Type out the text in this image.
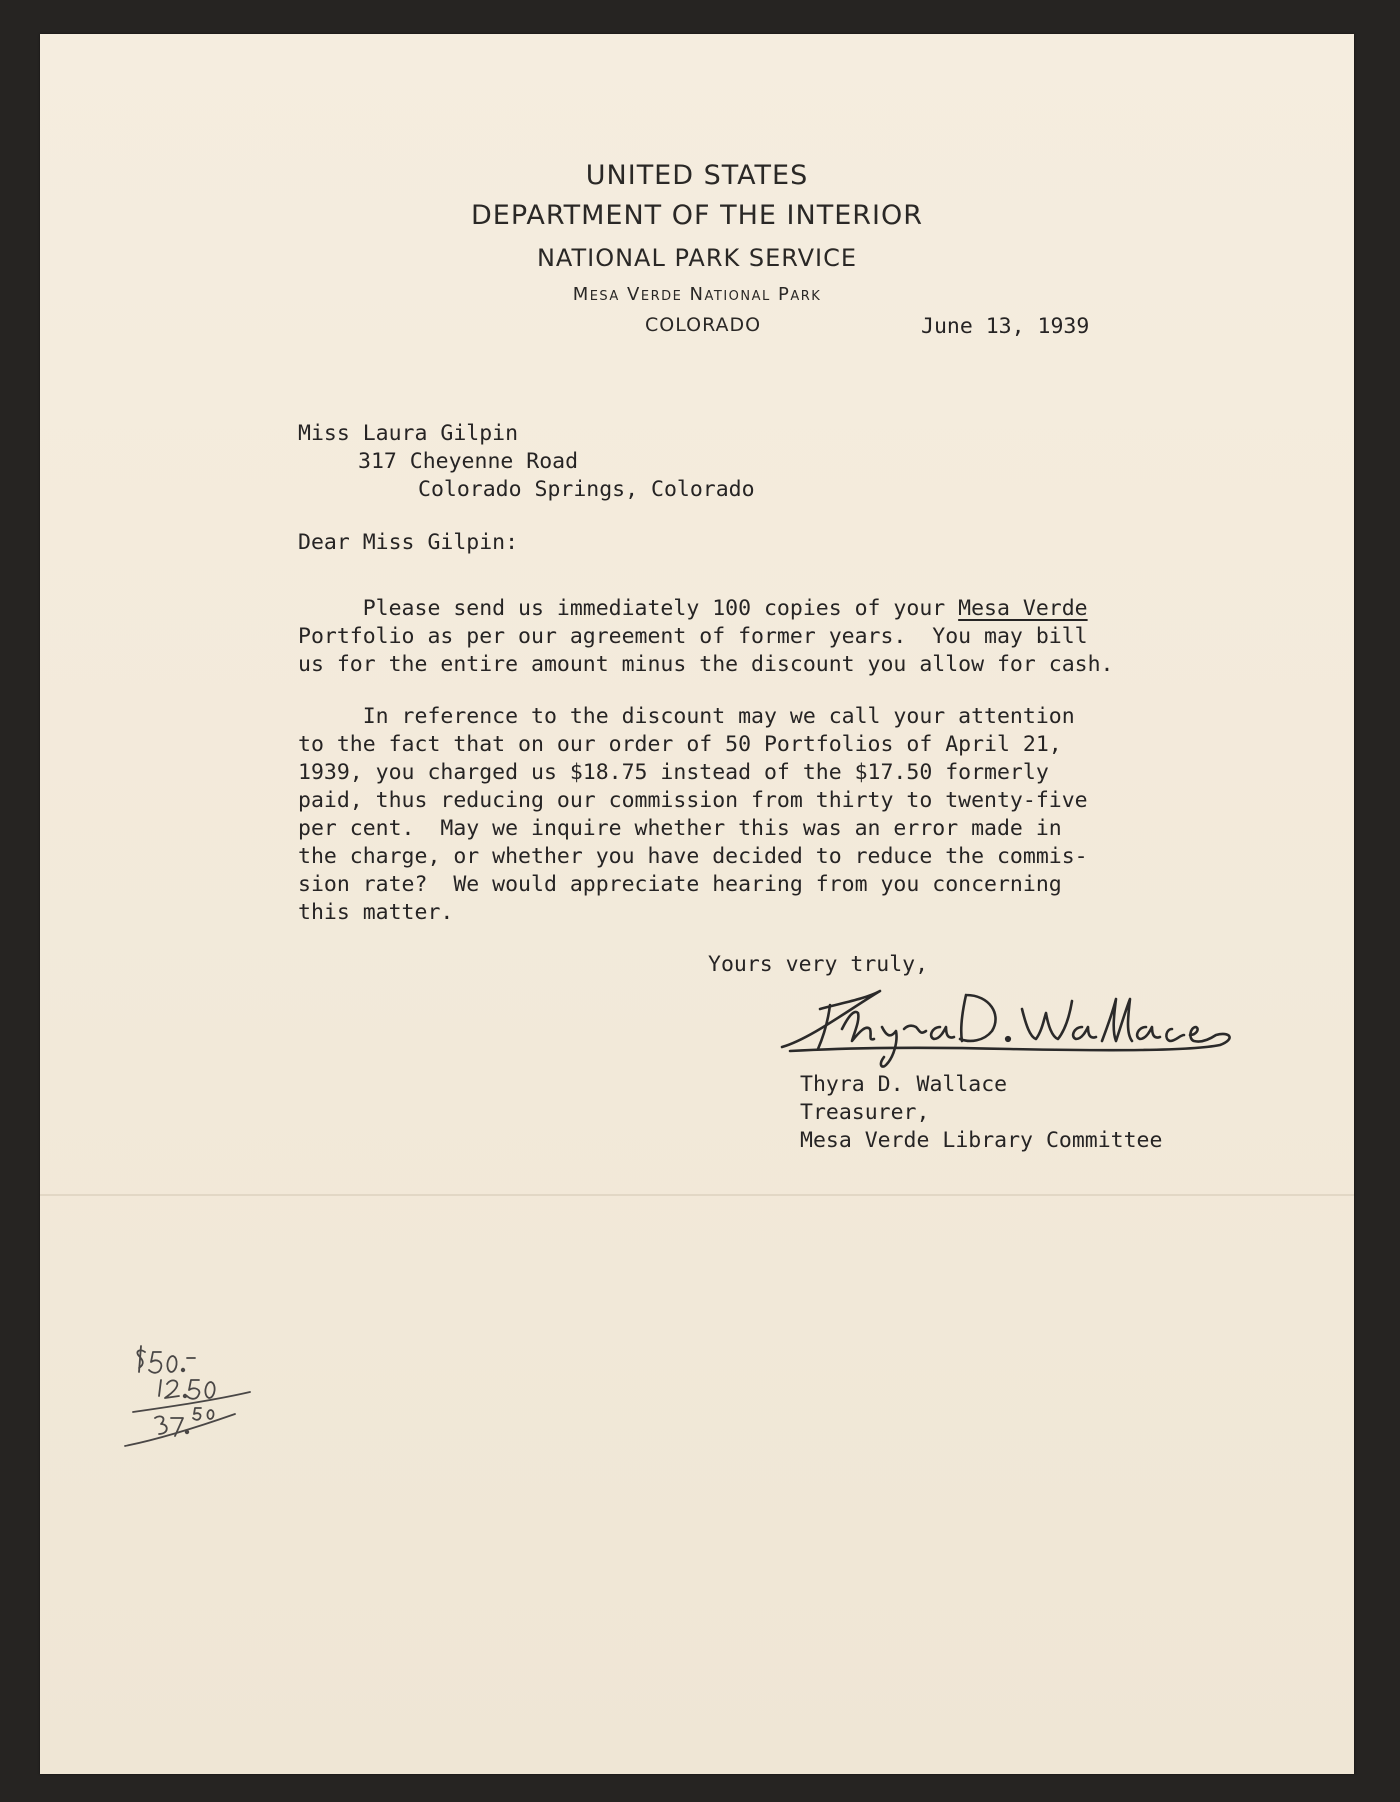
UNITED STATES
DEPARTMENT OF THE INTERIOR
NATIONAL PARK SERVICE
Mesa Verde National Park
COLORADO	June 13, 1939
Miss Laura Gilpin
317 Cheyenne Road
Colorado Springs, Colorado
Dear Miss Gilpin:
Please send us immediately 100 copies of your Mesa Verde
Portfolio as per our agreement of former years.  You may bill
us for the entire amount minus the discount you allow for cash.
In reference to the discount may we call your attention
to the fact that on our order of 50 Portfolios of April 21,
1939, you charged us $18.75 instead of the $17.50 formerly
paid, thus reducing our commission from thirty to twenty-five
per cent.  May we inquire whether this was an error made in
the charge, or whether you have decided to reduce the commis-
sion rate?  We would appreciate hearing from you concerning
this matter.
Yours very truly,
Thyra D. Wallace
Treasurer,
Mesa Verde Library Committee
